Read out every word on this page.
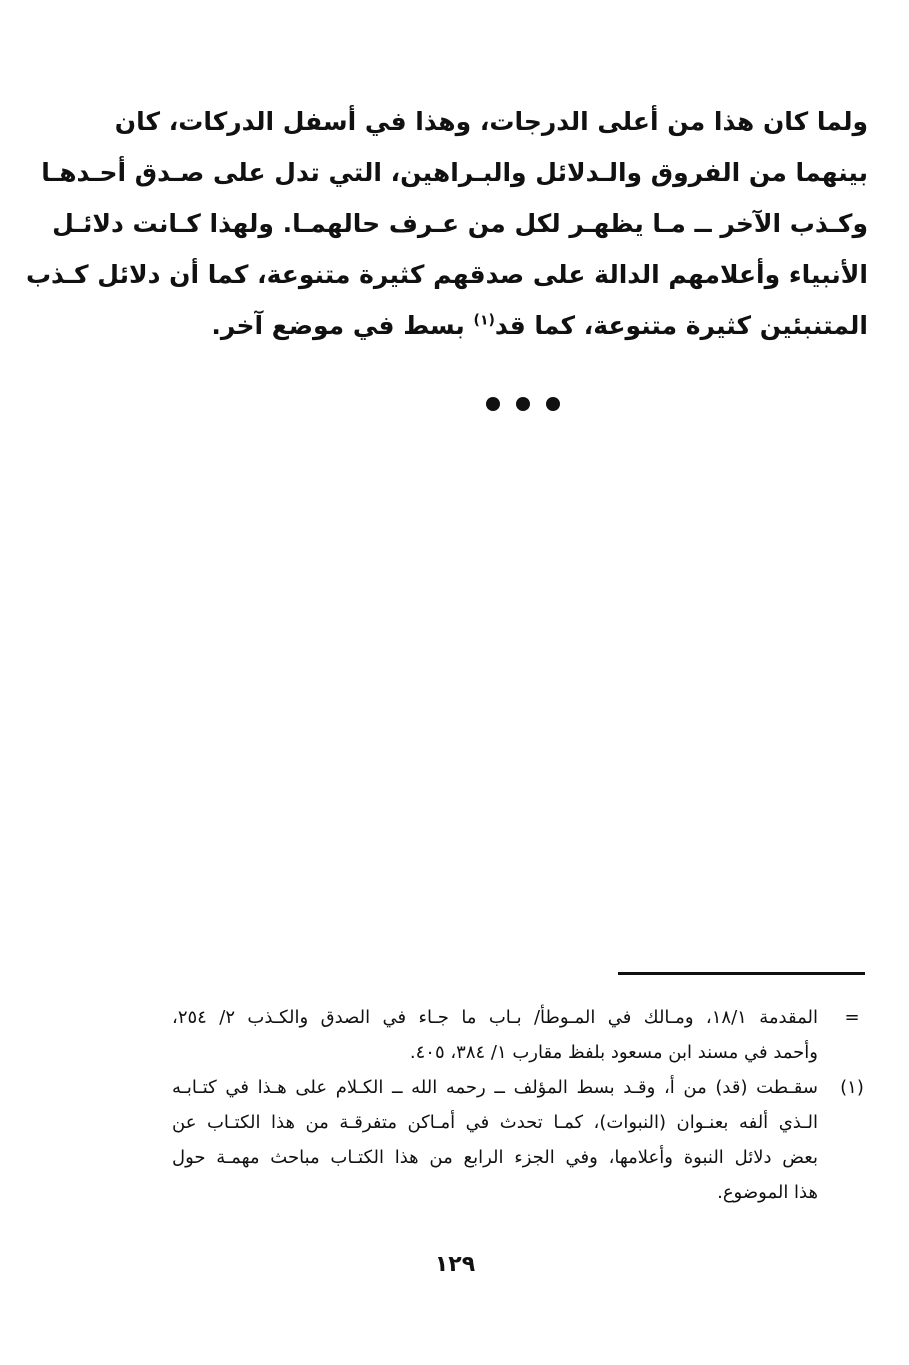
ولما كان هذا من أعلى الدرجات، وهذا في أسفل الدركات، كان
بينهما من الفروق والـدلائل والبـراهين، التي تدل على صـدق أحـدهـا
وكـذب الآخر ــ مـا يظهـر لكل من عـرف حالهمـا. ولهذا كـانت دلائـل
الأنبياء وأعلامهم الدالة على صدقهم كثيرة متنوعة، كما أن دلائل كـذب
المتنبئين كثيرة متنوعة، كما قد$^{(١)}$ بسط في موضع آخر.
=
المقدمة ١٨/١، ومـالك في المـوطأ/ بـاب ما جـاء في الصدق والكـذب ٢/ ٢٥٤،
وأحمد في مسند ابن مسعود بلفظ مقارب ١/ ٣٨٤، ٤٠٥.
(١)
سقـطت (قد) من أ، وقـد بسط المؤلف ــ رحمه الله ــ الكـلام على هـذا في كتـابـه
الـذي ألفه بعنـوان (النبوات)، كمـا تحدث في أمـاكن متفرقـة من هذا الكتـاب عن
بعض دلائل النبوة وأعلامها، وفي الجزء الرابع من هذا الكتـاب مباحث مهمـة حول
هذا الموضوع.
١٢٩
